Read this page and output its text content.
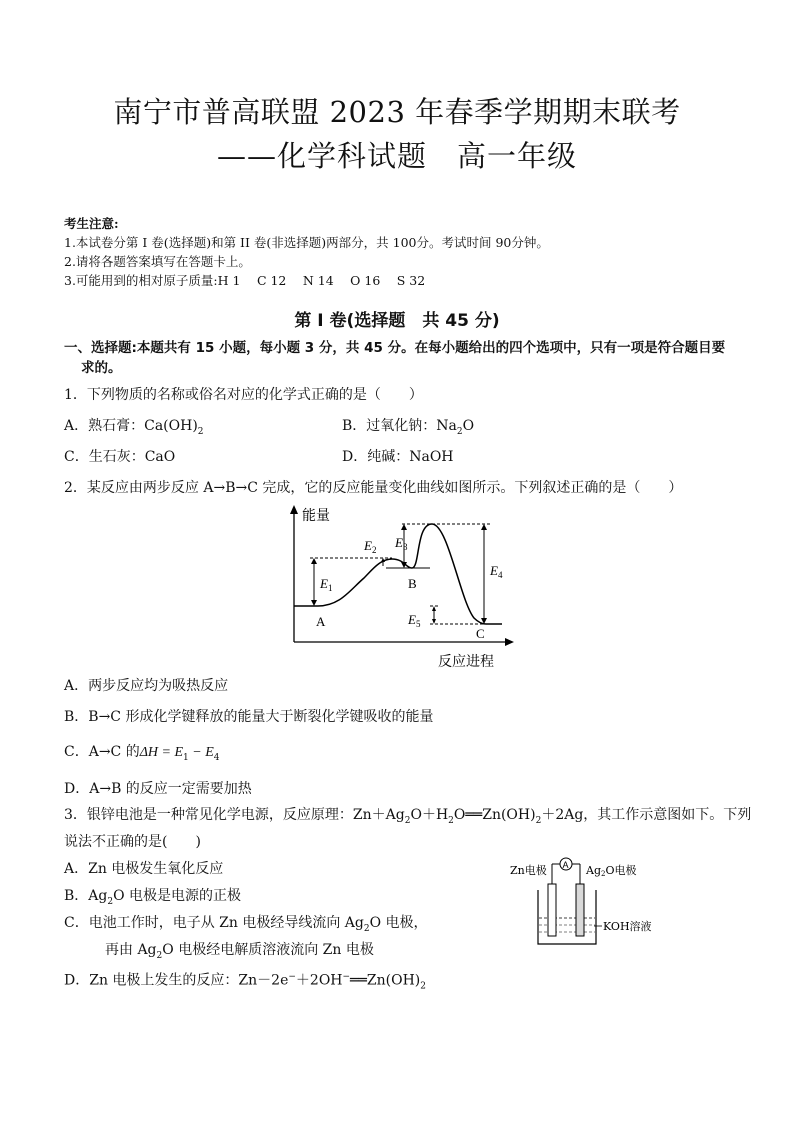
南宁市普高联盟 2023 年春季学期期末联考
——化学科试题　高一年级
考生注意:
1.本试卷分第 I 卷(选择题)和第 II 卷(非选择题)两部分，共 100分。考试时间 90分钟。
2.请将各题答案填写在答题卡上。
3.可能用到的相对原子质量:H 1　 C 12　 N 14　 O 16　 S 32
第 I 卷(选择题　共 45 分)
一、选择题:本题共有 15 小题，每小题 3 分，共 45 分。在每小题给出的四个选项中，只有一项是符合题目要
求的。
1．下列物质的名称或俗名对应的化学式正确的是（　　）
A．熟石膏：$Ca(OH)_2$	B．过氧化钠：$Na_2O$
C．生石灰：CaO	D．纯碱：NaOH
2．某反应由两步反应 A→B→C 完成，它的反应能量变化曲线如图所示。下列叙述正确的是（　　）
能量
反应进程
A
B
C
$E_1$
$E_2$ $E_3$
$E_4$
$E_5$
A．两步反应均为吸热反应
B．B→C 形成化学键释放的能量大于断裂化学键吸收的能量
C．A→C 的$\Delta H = E_1 - E_4$
D．A→B 的反应一定需要加热
3．银锌电池是一种常见化学电源，反应原理：$Zn+Ag_2O+H_2O══Zn(OH)_2+2Ag$，其工作示意图如下。下列
说法不正确的是(　　)
A．Zn 电极发生氧化反应
B．$Ag_2O$ 电极是电源的正极
C．电池工作时，电子从 Zn 电极经导线流向 $Ag_2O$ 电极，
再由 $Ag_2O$ 电极经电解质溶液流向 Zn 电极
D．Zn 电极上发生的反应：$Zn-2e^-+2OH^-══Zn(OH)_2$
A
Zn电极	Ag2O电极
KOH溶液
